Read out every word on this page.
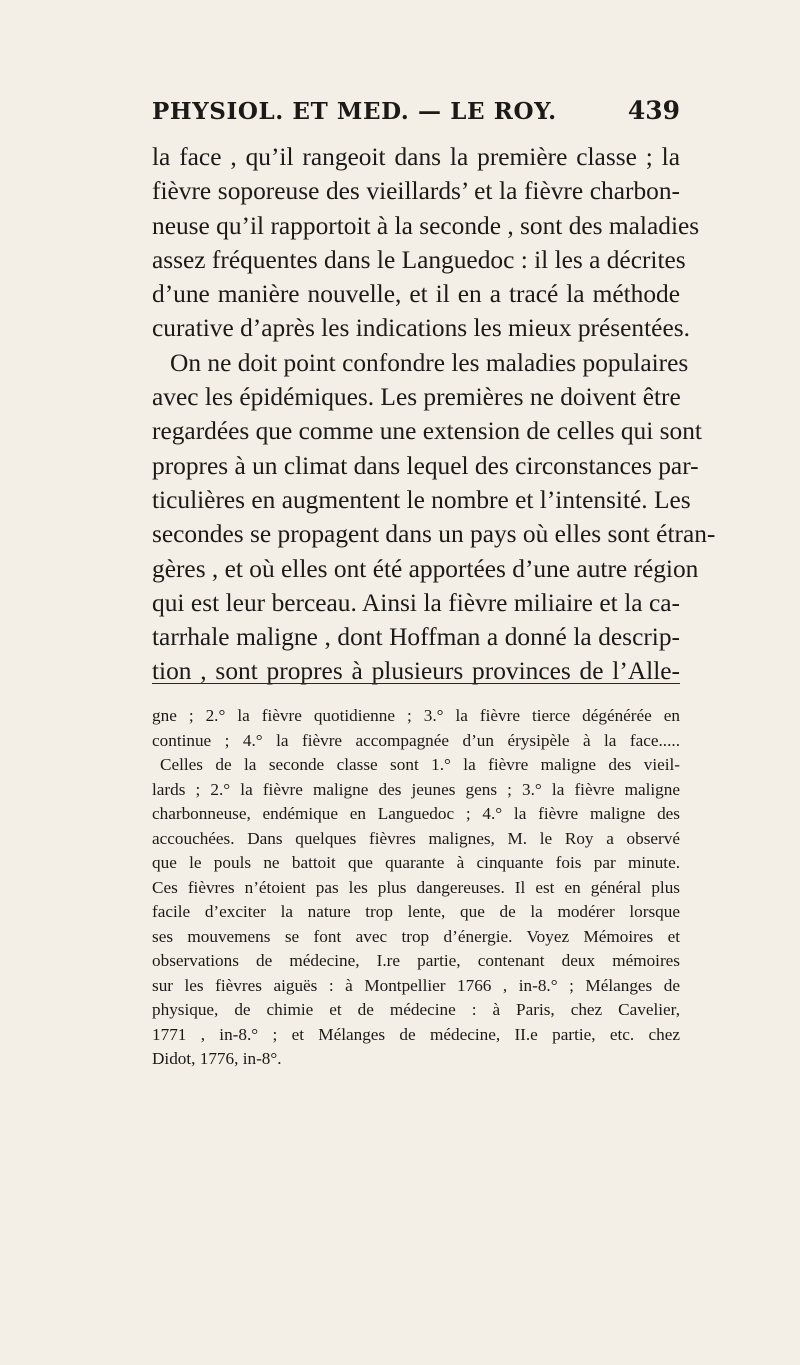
PHYSIOL. ET MED. — LE ROY.	439
la face , qu’il rangeoit dans la première classe ; la
fièvre soporeuse des vieillards’ et la fièvre charbon-
neuse qu’il rapportoit à la seconde , sont des maladies
assez fréquentes dans le Languedoc : il les a décrites
d’une manière nouvelle, et il en a tracé la méthode
curative d’après les indications les mieux présentées.
On ne doit point confondre les maladies populaires
avec les épidémiques. Les premières ne doivent être
regardées que comme une extension de celles qui sont
propres à un climat dans lequel des circonstances par-
ticulières en augmentent le nombre et l’intensité. Les
secondes se propagent dans un pays où elles sont étran-
gères , et où elles ont été apportées d’une autre région
qui est leur berceau. Ainsi la fièvre miliaire et la ca-
tarrhale maligne , dont Hoffman a donné la descrip-
tion , sont propres à plusieurs provinces de l’Alle-
gne ; 2.° la fièvre quotidienne ; 3.° la fièvre tierce dégénérée en
continue ; 4.° la fièvre accompagnée d’un érysipèle à la face.....
Celles de la seconde classe sont 1.° la fièvre maligne des vieil-
lards ; 2.° la fièvre maligne des jeunes gens ; 3.° la fièvre maligne
charbonneuse, endémique en Languedoc ; 4.° la fièvre maligne des
accouchées. Dans quelques fièvres malignes, M. le Roy a observé
que le pouls ne battoit que quarante à cinquante fois par minute.
Ces fièvres n’étoient pas les plus dangereuses. Il est en général plus
facile d’exciter la nature trop lente, que de la modérer lorsque
ses mouvemens se font avec trop d’énergie. Voyez Mémoires et
observations de médecine, I.re partie, contenant deux mémoires
sur les fièvres aiguës : à Montpellier 1766 , in-8.° ; Mélanges de
physique, de chimie et de médecine : à Paris, chez Cavelier,
1771 , in-8.° ; et Mélanges de médecine, II.e partie, etc. chez
Didot, 1776, in-8°.
